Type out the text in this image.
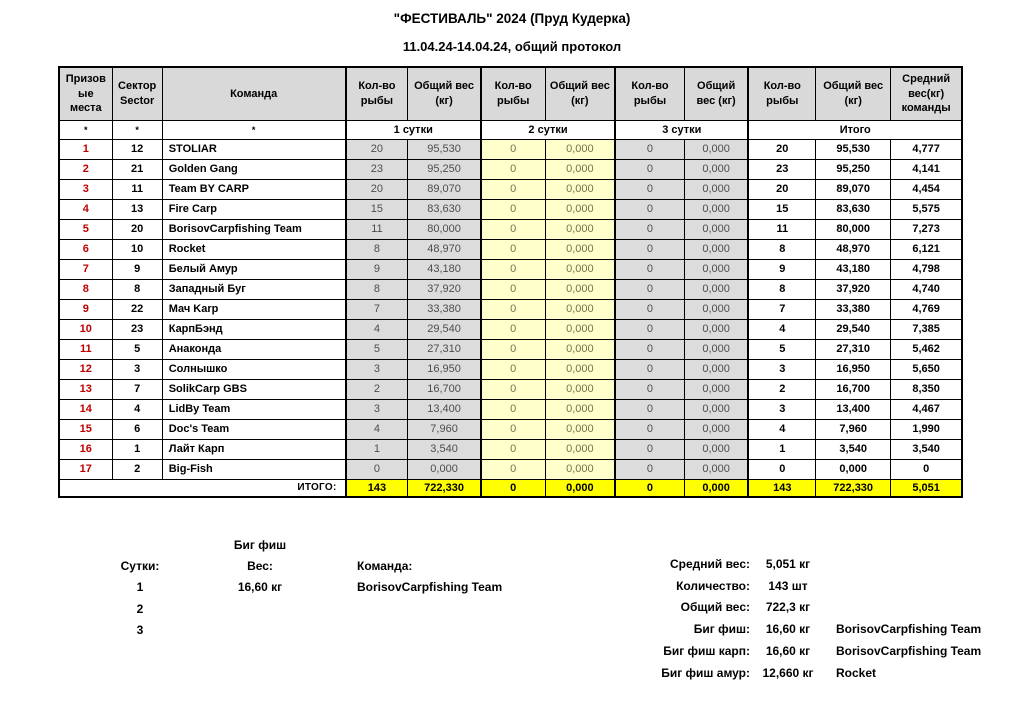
"ФЕСТИВАЛЬ" 2024 (Пруд Кудерка)
11.04.24-14.04.24, общий протокол
Призовые места	Сектор Sector	Команда	Кол-во рыбы	Общий вес (кг)	Кол-во рыбы	Общий вес (кг)	Кол-во рыбы	Общий вес (кг)	Кол-во рыбы	Общий вес (кг)	Средний вес(кг) команды
*	*	*	1 сутки		2 сутки		3 сутки		Итого		
1	12	STOLIAR	20	95,530	0	0,000	0	0,000	20	95,530	4,777
2	21	Golden Gang	23	95,250	0	0,000	0	0,000	23	95,250	4,141
3	11	Team BY CARP	20	89,070	0	0,000	0	0,000	20	89,070	4,454
4	13	Fire Carp	15	83,630	0	0,000	0	0,000	15	83,630	5,575
5	20	BorisovCarpfishing Team	11	80,000	0	0,000	0	0,000	11	80,000	7,273
6	10	Rocket	8	48,970	0	0,000	0	0,000	8	48,970	6,121
7	9	Белый Амур	9	43,180	0	0,000	0	0,000	9	43,180	4,798
8	8	Западный Буг	8	37,920	0	0,000	0	0,000	8	37,920	4,740
9	22	Мач Karp	7	33,380	0	0,000	0	0,000	7	33,380	4,769
10	23	КарпБэнд	4	29,540	0	0,000	0	0,000	4	29,540	7,385
11	5	Анаконда	5	27,310	0	0,000	0	0,000	5	27,310	5,462
12	3	Солнышко	3	16,950	0	0,000	0	0,000	3	16,950	5,650
13	7	SolikCarp GBS	2	16,700	0	0,000	0	0,000	2	16,700	8,350
14	4	LidBy Team	3	13,400	0	0,000	0	0,000	3	13,400	4,467
15	6	Doc's Team	4	7,960	0	0,000	0	0,000	4	7,960	1,990
16	1	Лайт Карп	1	3,540	0	0,000	0	0,000	1	3,540	3,540
17	2	Big-Fish	0	0,000	0	0,000	0	0,000	0	0,000	0
ИТОГО:			143	722,330	0	0,000	0	0,000	143	722,330	5,051
Биг фиш
Сутки:	Вес:	Команда:
1	16,60 кг	BorisovCarpfishing Team
2
3
Средний вес:	5,051 кг
Количество:	143 шт
Общий вес:	722,3 кг
Биг фиш:	16,60 кг	BorisovCarpfishing Team
Биг фиш карп:	16,60 кг	BorisovCarpfishing Team
Биг фиш амур:	12,660 кг	Rocket
